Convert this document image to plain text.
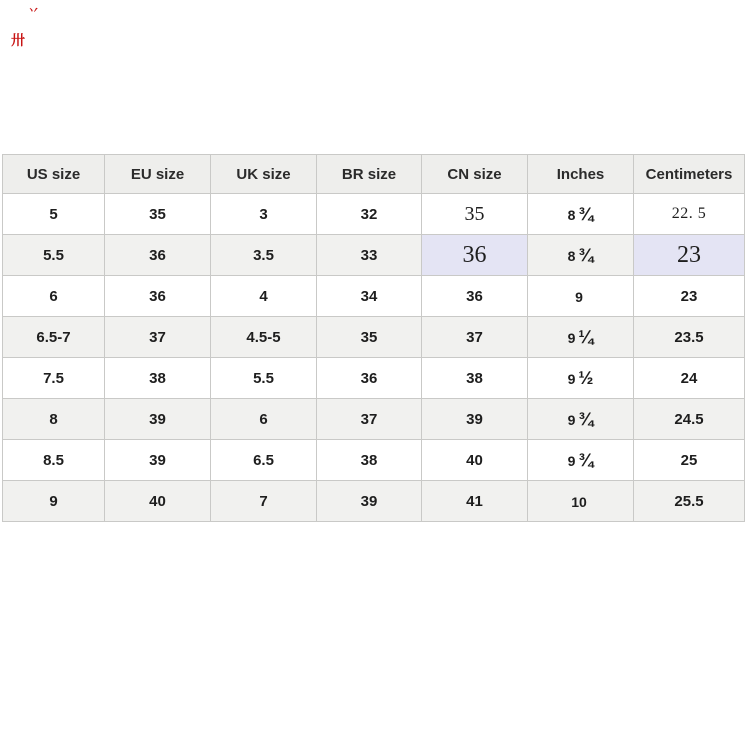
丷
卅
US size	EU size	UK size	BR size	CN size	Inches	Centimeters
5	35	3	32	35	8 ¾	22. 5
5.5	36	3.5	33	36	8 ¾	23
6	36	4	34	36	9	23
6.5-7	37	4.5-5	35	37	9 ¼	23.5
7.5	38	5.5	36	38	9 ½	24
8	39	6	37	39	9 ¾	24.5
8.5	39	6.5	38	40	9 ¾	25
9	40	7	39	41	10	25.5
